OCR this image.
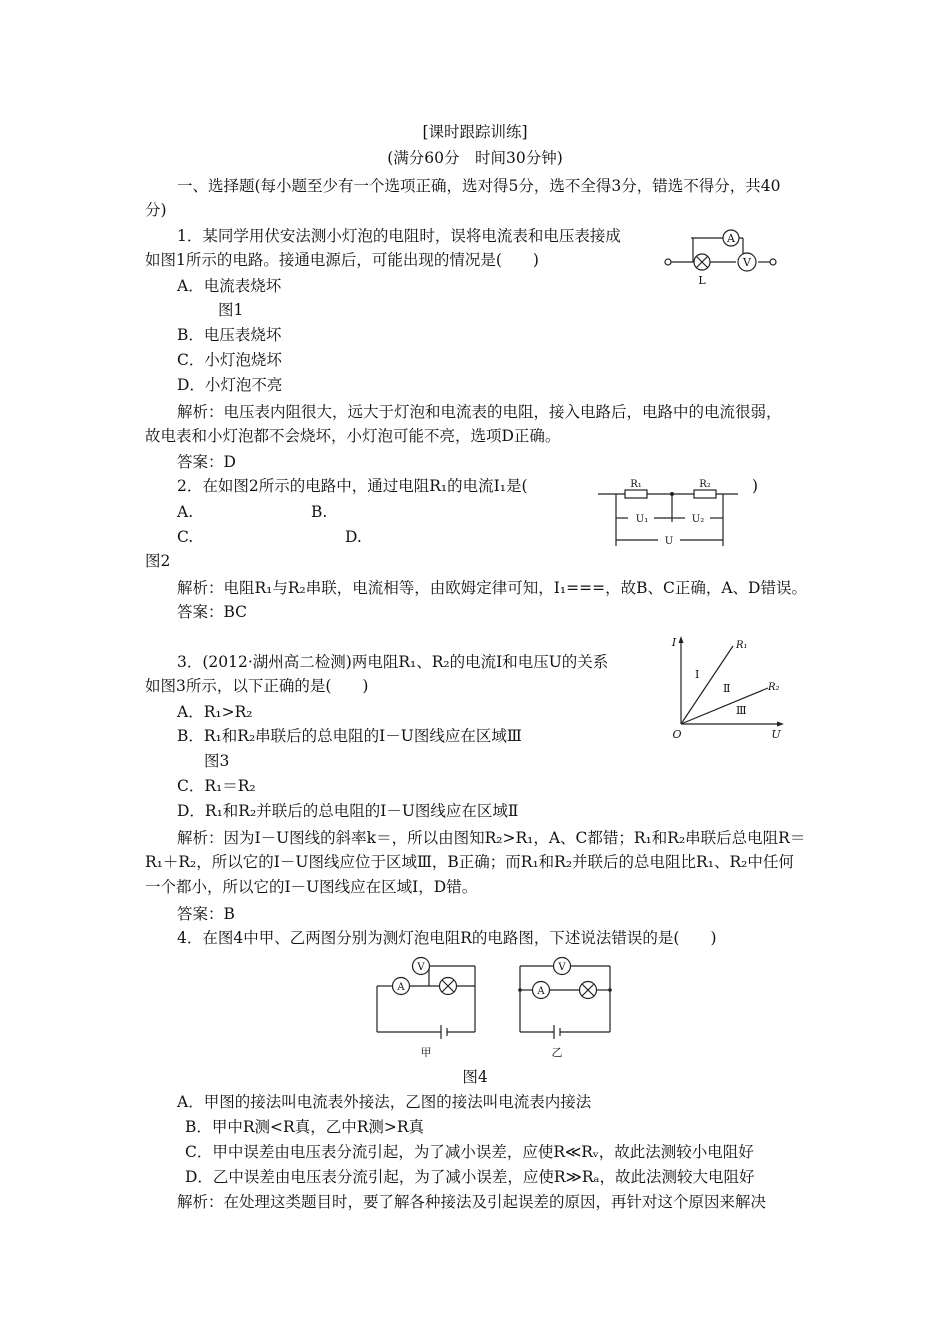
[课时跟踪训练]
(满分60分　时间30分钟)
一、选择题(每小题至少有一个选项正确，选对得5分，选不全得3分，错选不得分，共40
分)
1．某同学用伏安法测小灯泡的电阻时，误将电流表和电压表接成
如图1所示的电路。接通电源后，可能出现的情况是(　　)
A．电流表烧坏
图1
B．电压表烧坏
C．小灯泡烧坏
D．小灯泡不亮
解析：电压表内阻很大，远大于灯泡和电流表的电阻，接入电路后，电路中的电流很弱，
故电表和小灯泡都不会烧坏，小灯泡可能不亮，选项D正确。
答案：D
A
V
L
2．在如图2所示的电路中，通过电阻R₁的电流I₁是(	)
A.	B.
C.	D.
图2
解析：电阻R₁与R₂串联，电流相等，由欧姆定律可知，I₁===，故B、C正确，A、D错误。
答案：BC
R₁	R₂
U₁	U₂
U
3．(2012·湖州高二检测)两电阻R₁、R₂的电流I和电压U的关系
如图3所示，以下正确的是(　　)
A．R₁>R₂
B．R₁和R₂串联后的总电阻的I－U图线应在区域Ⅲ
图3
C．R₁＝R₂
D．R₁和R₂并联后的总电阻的I－U图线应在区域Ⅱ
解析：因为I－U图线的斜率k＝，所以由图知R₂>R₁，A、C都错；R₁和R₂串联后总电阻R＝
R₁＋R₂，所以它的I－U图线应位于区域Ⅲ，B正确；而R₁和R₂并联后的总电阻比R₁、R₂中任何
一个都小，所以它的I－U图线应在区域Ⅰ，D错。
答案：B
I
U
O
R₁
R₂
Ⅰ
Ⅱ
Ⅲ
4．在图4中甲、乙两图分别为测灯泡电阻R的电路图，下述说法错误的是(　　)
A
V
甲
V
A
乙
图4
A．甲图的接法叫电流表外接法，乙图的接法叫电流表内接法
B．甲中R测<R真，乙中R测>R真
C．甲中误差由电压表分流引起，为了减小误差，应使R≪Rᵥ，故此法测较小电阻好
D．乙中误差由电压表分流引起，为了减小误差，应使R≫Rₐ，故此法测较大电阻好
解析：在处理这类题目时，要了解各种接法及引起误差的原因，再针对这个原因来解决
